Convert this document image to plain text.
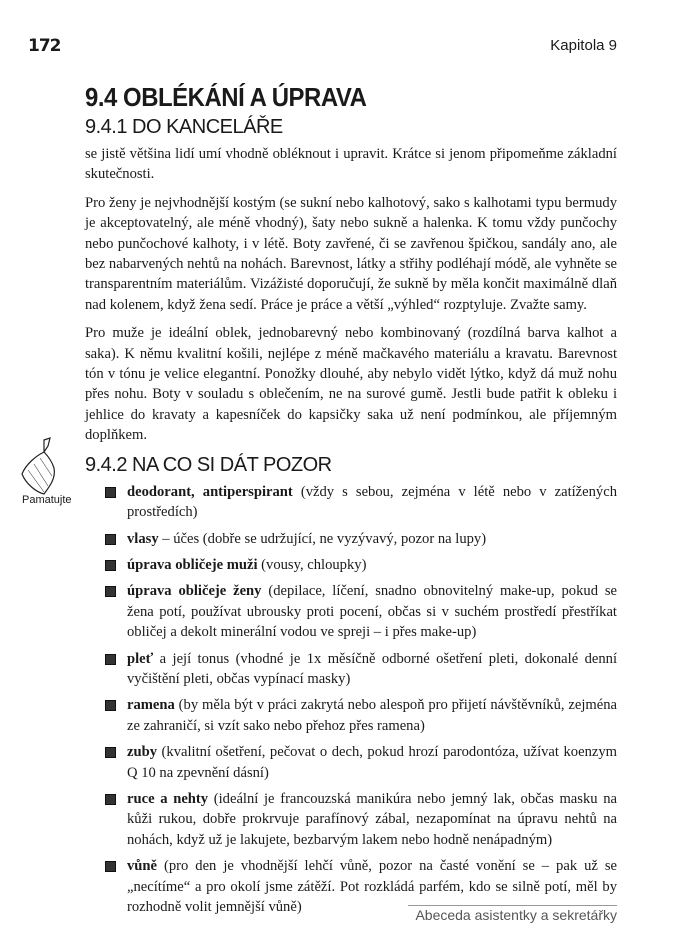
172	Kapitola 9
Pamatujte
9.4 OBLÉKÁNÍ A ÚPRAVA
9.4.1 DO KANCELÁŘE

se jistě většina lidí umí vhodně obléknout i upravit. Krátce si jenom připomeňme základní skutečnosti.

Pro ženy je nejvhodnější kostým (se sukní nebo kalhotový, sako s kalhotami typu bermudy je akceptovatelný, ale méně vhodný), šaty nebo sukně a halenka. K tomu vždy punčochy nebo punčochové kalhoty, i v létě. Boty zavřené, či se zavřenou špičkou, sandály ano, ale bez nabarvených nehtů na nohách. Barevnost, látky a střihy podléhají módě, ale vyhněte se transparentním materiálům. Vizážisté doporučují, že sukně by měla končit maximálně dlaň nad kolenem, když žena sedí. Práce je práce a větší „výhled“ rozptyluje. Zvažte samy.

Pro muže je ideální oblek, jednobarevný nebo kombinovaný (rozdílná barva kalhot a saka). K němu kvalitní košili, nejlépe z méně mačkavého materiálu a kravatu. Barevnost tón v tónu je velice elegantní. Ponožky dlouhé, aby nebylo vidět lýtko, když dá muž nohu přes nohu. Boty v souladu s oblečením, ne na surové gumě. Jestli bude patřit k obleku i jehlice do kravaty a kapesníček do kapsičky saka už není podmínkou, ale příjemným doplňkem.

9.4.2 NA CO SI DÁT POZOR
deodorant, antiperspirant (vždy s sebou, zejména v létě nebo v zatížených prostředích)
vlasy – účes (dobře se udržující, ne vyzývavý, pozor na lupy)
úprava obličeje muži (vousy, chloupky)
úprava obličeje ženy (depilace, líčení, snadno obnovitelný make-up, pokud se žena potí, používat ubrousky proti pocení, občas si v suchém prostředí přestříkat obličej a dekolt minerální vodou ve spreji – i přes make-up)
pleť a její tonus (vhodné je 1x měsíčně odborné ošetření pleti, dokonalé denní vyčištění pleti, občas vypínací masky)
ramena (by měla být v práci zakrytá nebo alespoň pro přijetí návštěvníků, zejména ze zahraničí, si vzít sako nebo přehoz přes ramena)
zuby (kvalitní ošetření, pečovat o dech, pokud hrozí parodontóza, užívat koenzym Q 10 na zpevnění dásní)
ruce a nehty (ideální je francouzská manikúra nebo jemný lak, občas masku na kůži rukou, dobře prokrvuje parafínový zábal, nezapomínat na úpravu nehtů na nohách, když už je lakujete, bezbarvým lakem nebo hodně nenápadným)
vůně (pro den je vhodnější lehčí vůně, pozor na časté vonění se – pak už se „necítíme“ a pro okolí jsme zátěží. Pot rozkládá parfém, kdo se silně potí, měl by rozhodně volit jemnější vůně)	Abeceda asistentky a sekretářky
